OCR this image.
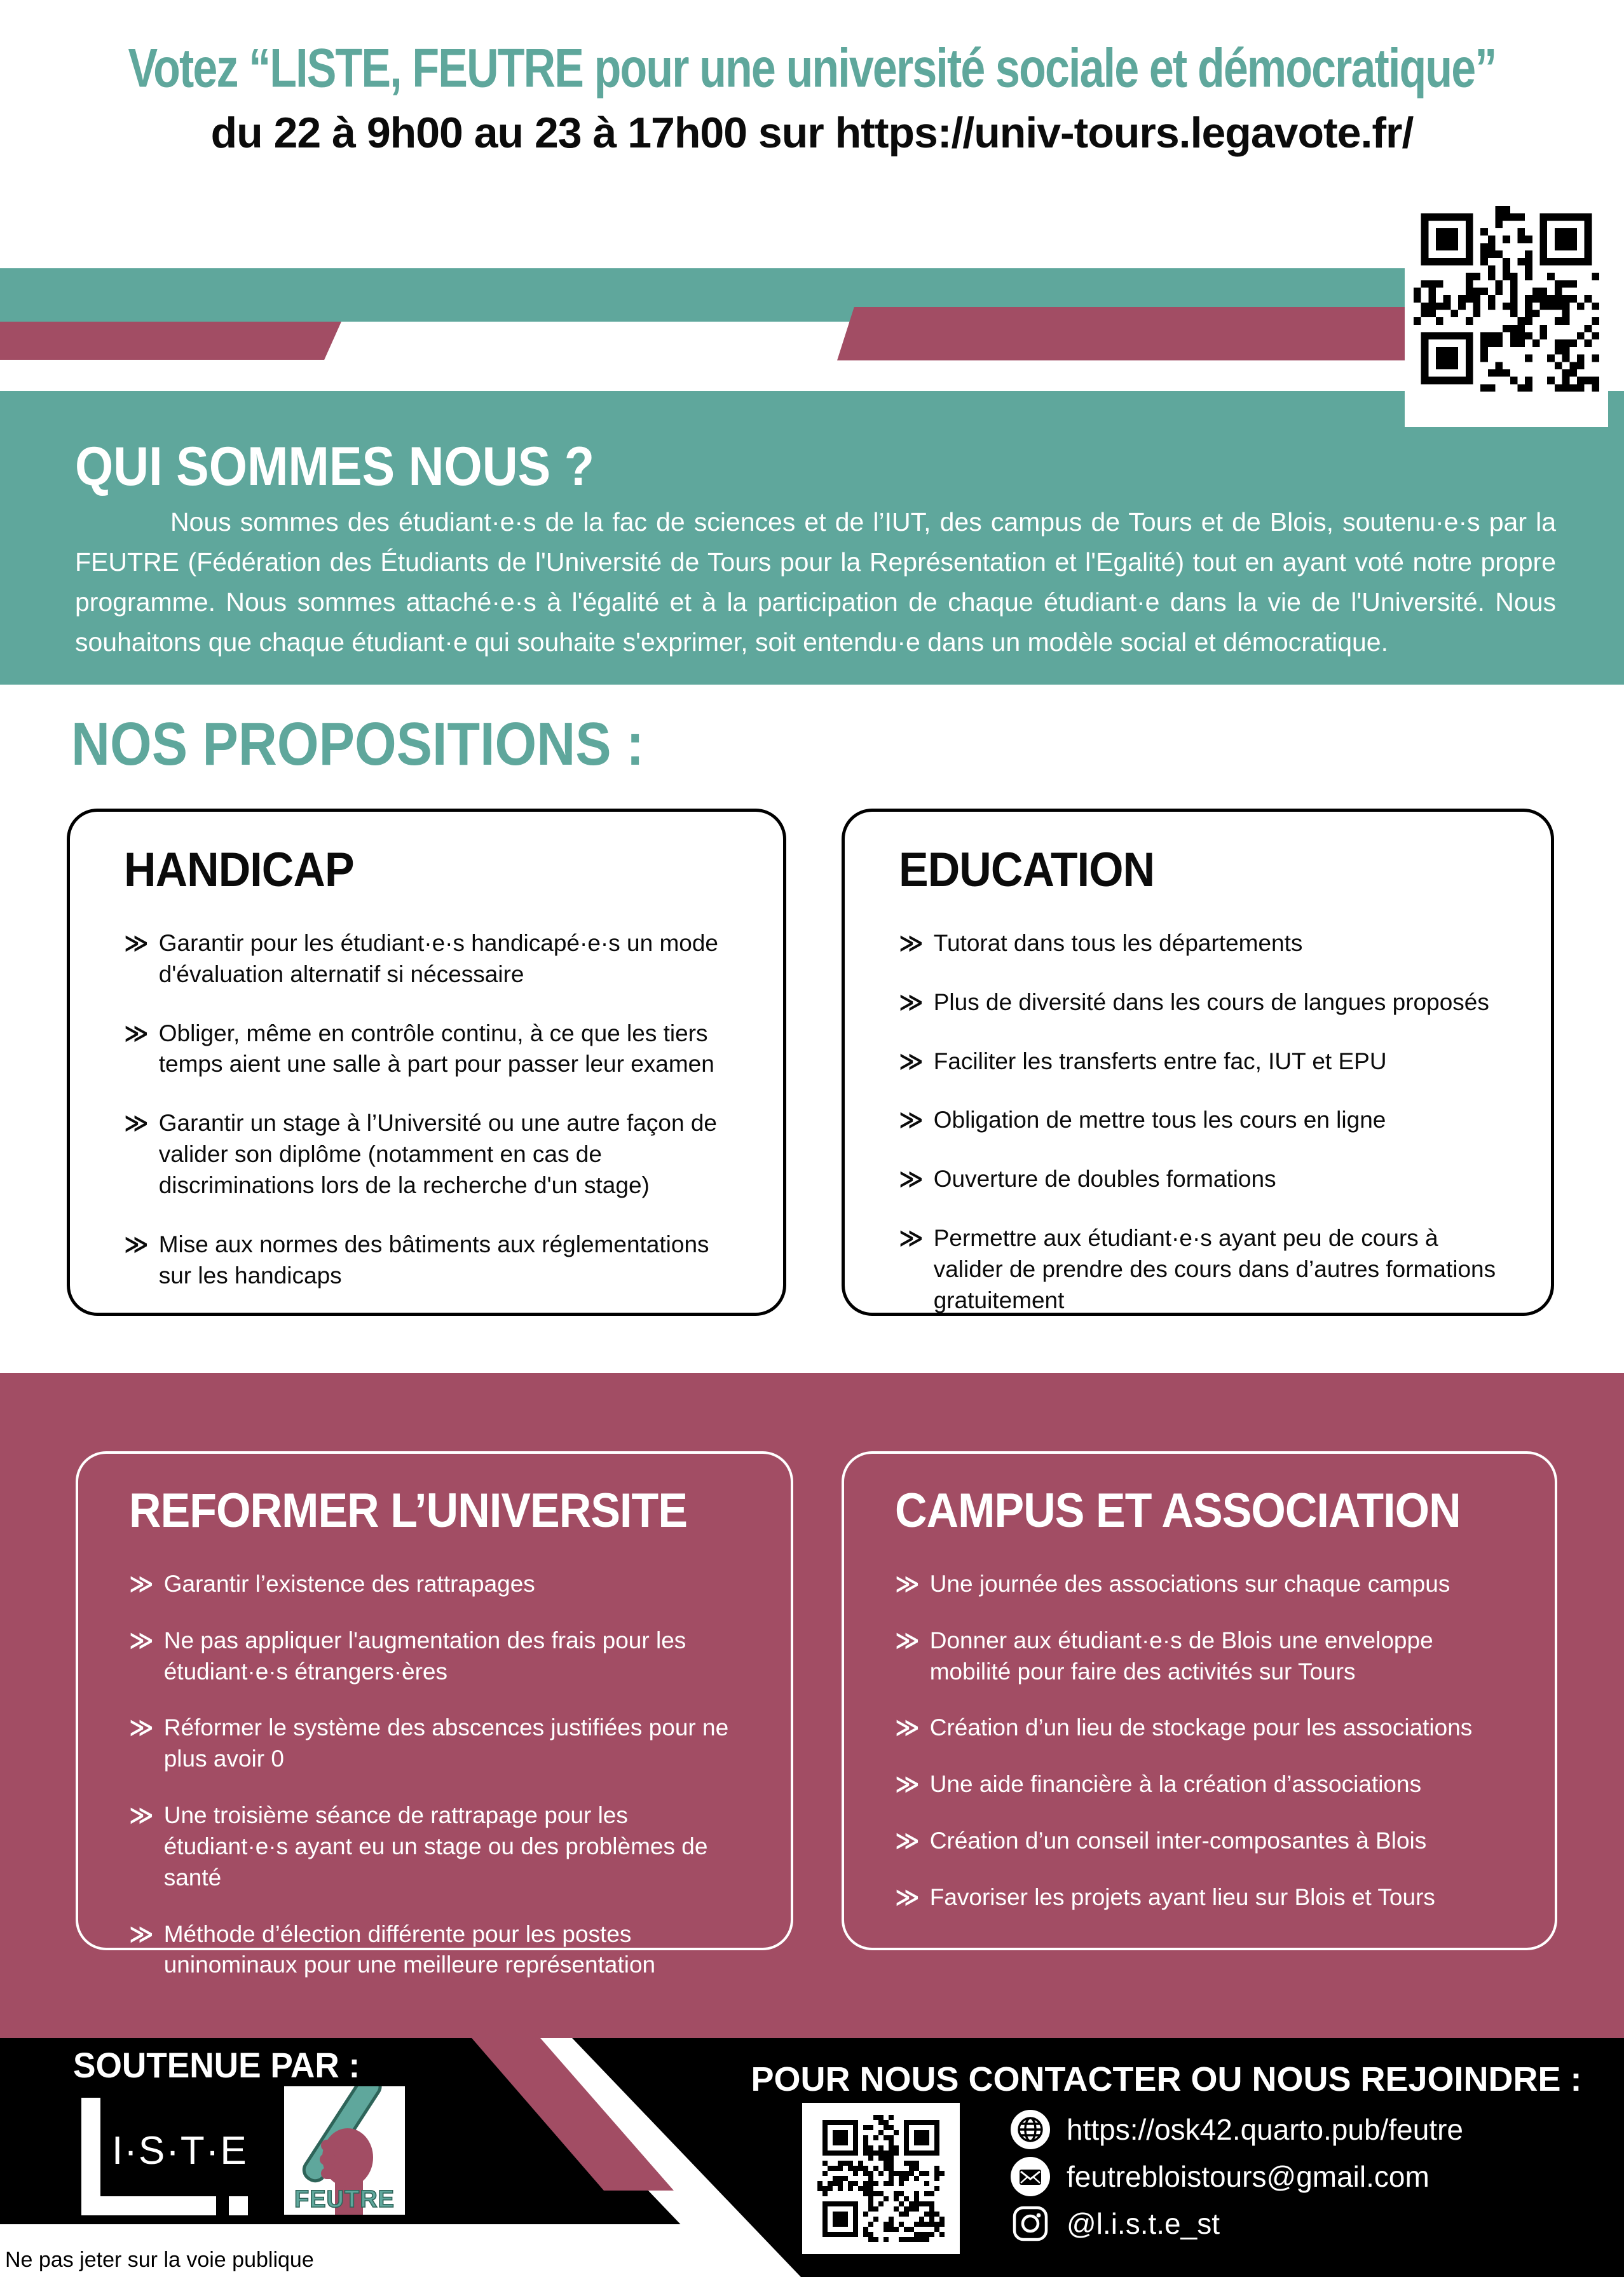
Votez “LISTE, FEUTRE pour une université sociale et démocratique”
du 22 à 9h00 au 23 à 17h00 sur https://univ-tours.legavote.fr/
QUI SOMMES NOUS ?
Nous sommes des étudiant·e·s de la fac de sciences et de l’IUT, des campus de Tours et de Blois, soutenu·e·s par la FEUTRE (Fédération des Étudiants de l'Université de Tours pour la Représentation et l'Egalité) tout en ayant voté notre propre programme. Nous sommes attaché·e·s à l'égalité et à la participation de chaque étudiant·e dans la vie de l'Université. Nous souhaitons que chaque étudiant·e qui souhaite s'exprimer, soit entendu·e dans un modèle social et démocratique.
NOS PROPOSITIONS :
HANDICAP
≫ Garantir pour les étudiant·e·s handicapé·e·s un mode d'évaluation alternatif si nécessaire
≫ Obliger, même en contrôle continu, à ce que les tiers temps aient une salle à part pour passer leur examen
≫ Garantir un stage à l’Université ou une autre façon de valider son diplôme (notamment en cas de discriminations lors de la recherche d'un stage)
≫ Mise aux normes des bâtiments aux réglementations sur les handicaps
EDUCATION
≫ Tutorat dans tous les départements
≫ Plus de diversité dans les cours de langues proposés
≫ Faciliter les transferts entre fac, IUT et EPU
≫ Obligation de mettre tous les cours en ligne
≫ Ouverture de doubles formations
≫ Permettre aux étudiant·e·s ayant peu de cours à valider de prendre des cours dans d’autres formations gratuitement
REFORMER L’UNIVERSITE
≫ Garantir l’existence des rattrapages
≫ Ne pas appliquer l'augmentation des frais pour les étudiant·e·s étrangers·ères
≫ Réformer le système des abscences justifiées pour ne plus avoir 0
≫ Une troisième séance de rattrapage pour les étudiant·e·s ayant eu un stage ou des problèmes de santé
≫ Méthode d’élection différente pour les postes uninominaux pour une meilleure représentation
CAMPUS ET ASSOCIATION
≫ Une journée des associations sur chaque campus
≫ Donner aux étudiant·e·s de Blois une enveloppe mobilité pour faire des activités sur Tours
≫ Création d’un lieu de stockage pour les associations
≫ Une aide financière à la création d’associations
≫ Création d’un conseil inter-composantes à Blois
≫ Favoriser les projets ayant lieu sur Blois et Tours
SOUTENUE PAR :
I·S·T·E
FEUTRE
POUR NOUS CONTACTER OU NOUS REJOINDRE :
https://osk42.quarto.pub/feutre
feutrebloistours@gmail.com
@l.i.s.t.e_st
Ne pas jeter sur la voie publique
